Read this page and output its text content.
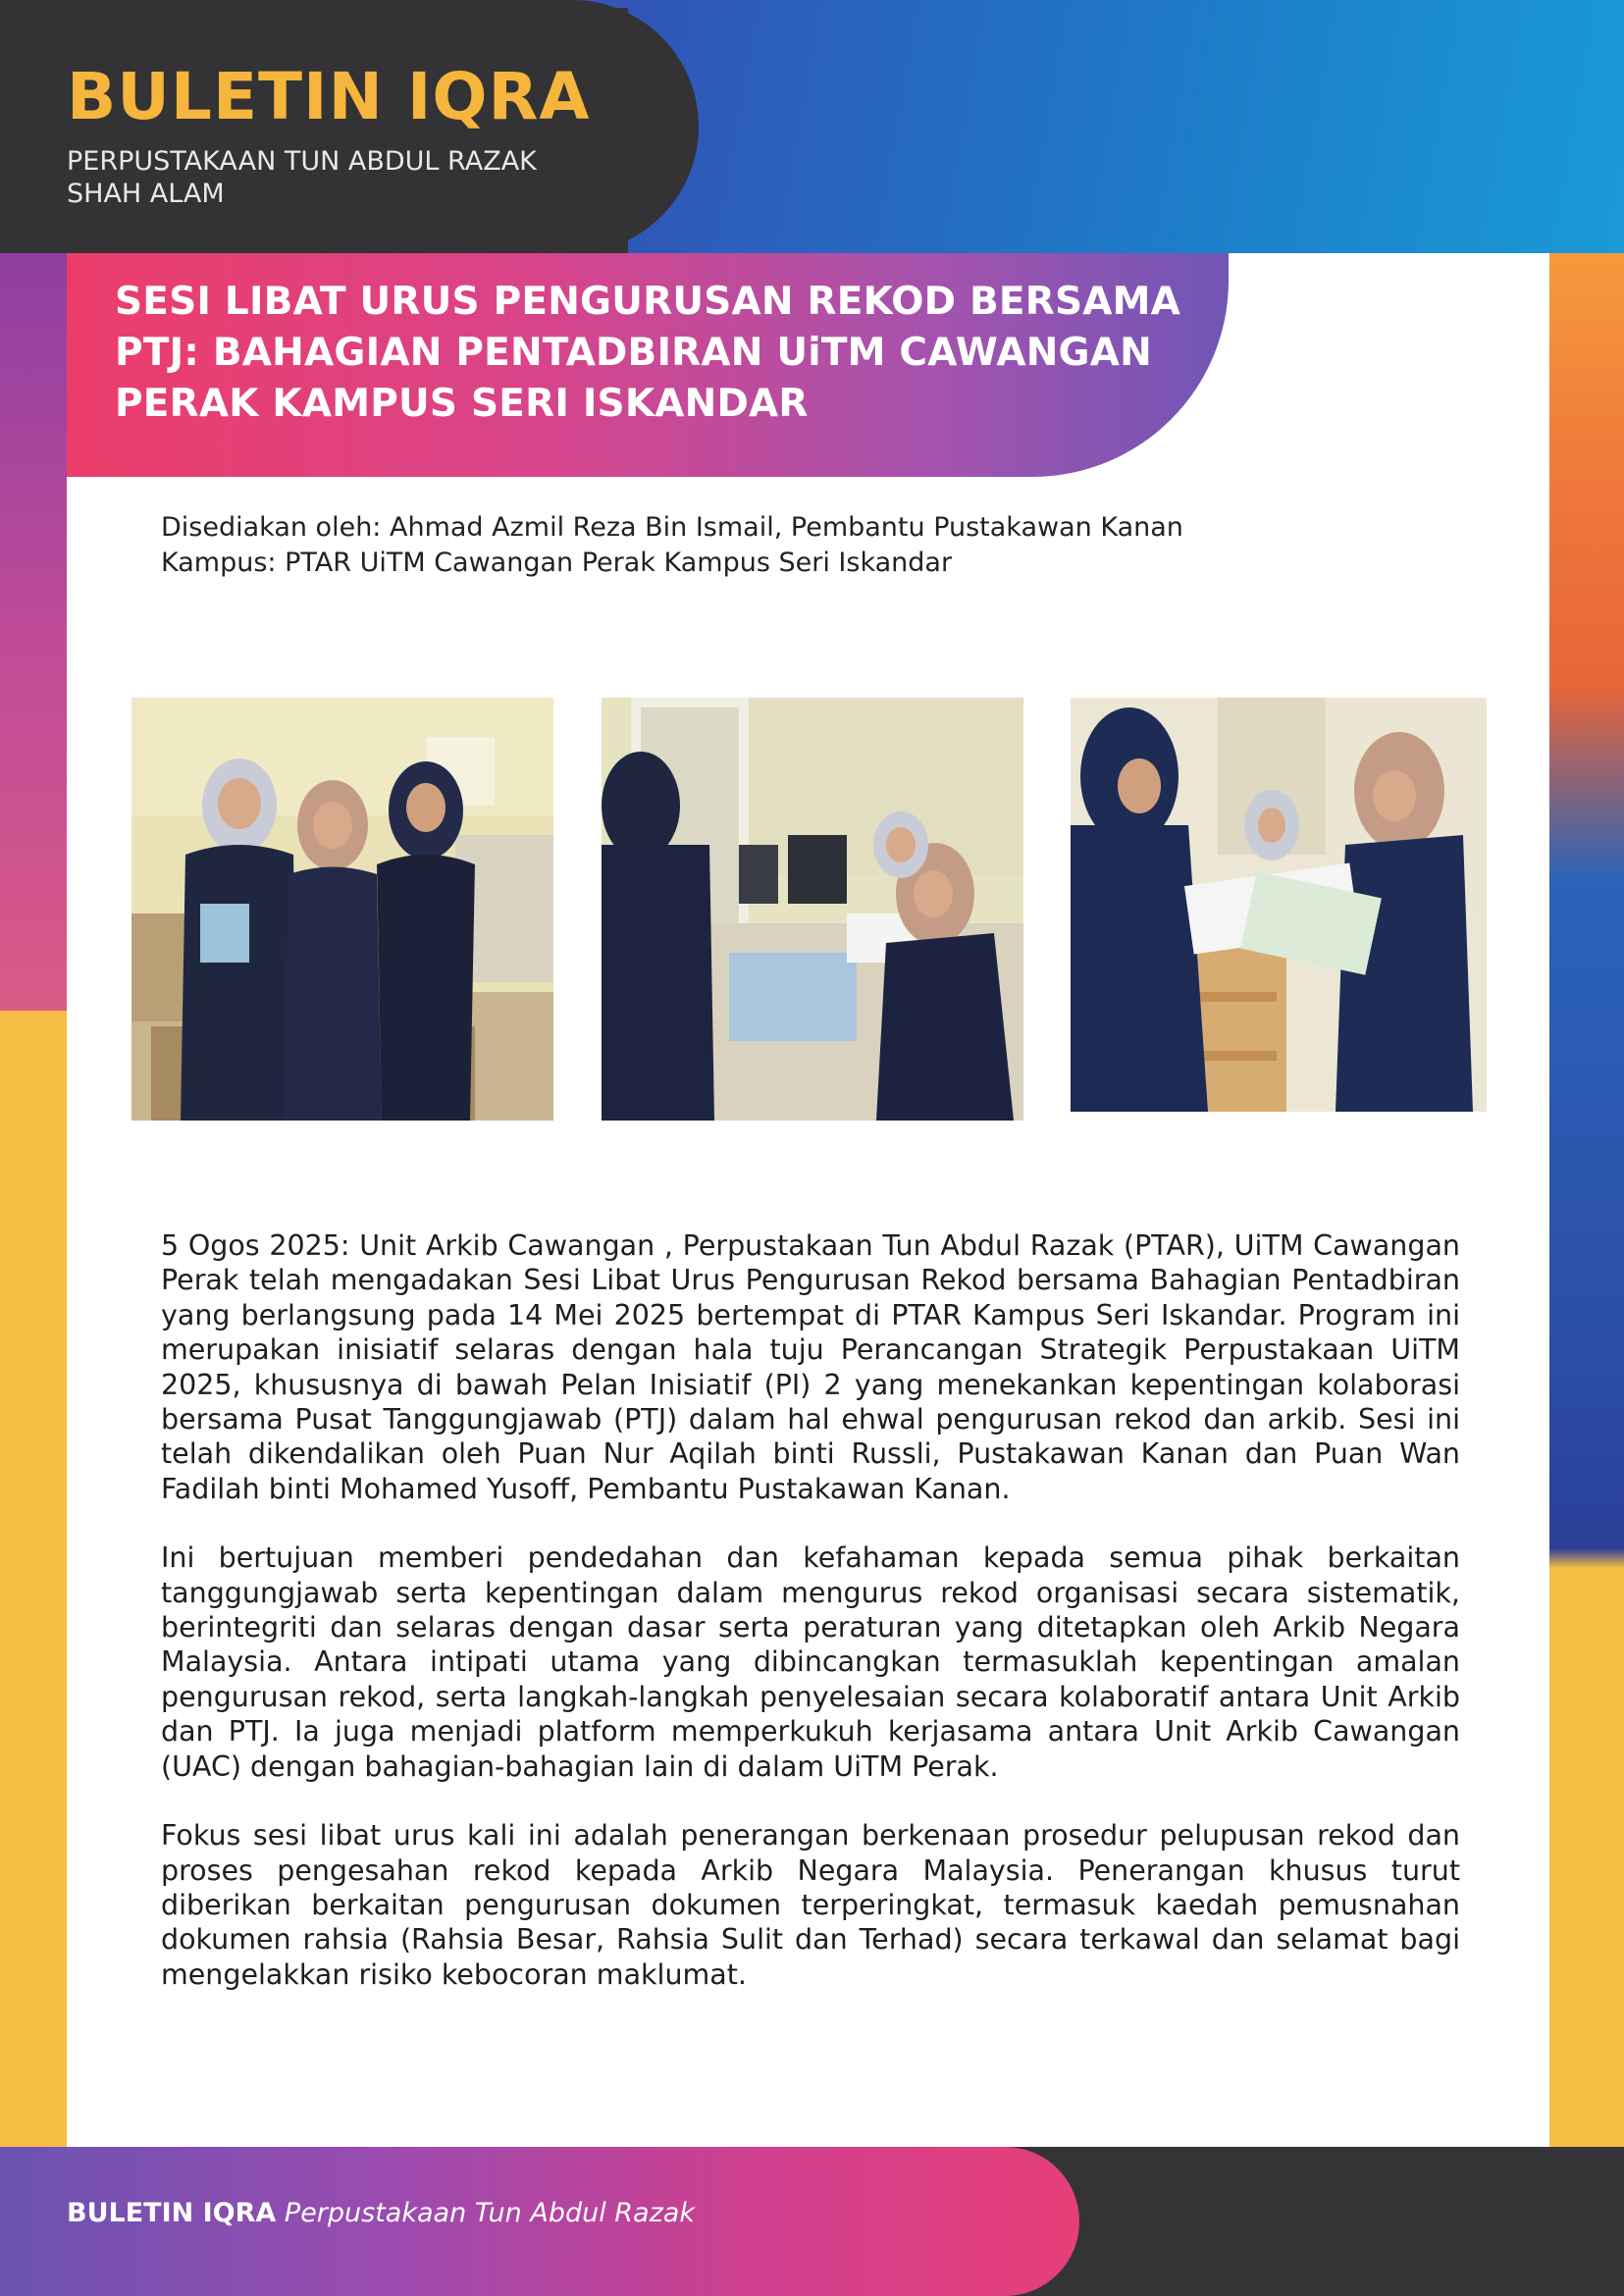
BULETIN IQRA
PERPUSTAKAAN TUN ABDUL RAZAK
SHAH ALAM
SESI LIBAT URUS PENGURUSAN REKOD BERSAMA
PTJ: BAHAGIAN PENTADBIRAN UiTM CAWANGAN
PERAK KAMPUS SERI ISKANDAR
Disediakan oleh: Ahmad Azmil Reza Bin Ismail, Pembantu Pustakawan Kanan
Kampus: PTAR UiTM Cawangan Perak Kampus Seri Iskandar

5 Ogos 2025: Unit Arkib Cawangan , Perpustakaan Tun Abdul Razak (PTAR), UiTM Cawangan Perak telah mengadakan Sesi Libat Urus Pengurusan Rekod bersama Bahagian Pentadbiran yang berlangsung pada 14 Mei 2025 bertempat di PTAR Kampus Seri Iskandar. Program ini merupakan inisiatif selaras dengan hala tuju Perancangan Strategik Perpustakaan UiTM 2025, khususnya di bawah Pelan Inisiatif (PI) 2 yang menekankan kepentingan kolaborasi bersama Pusat Tanggungjawab (PTJ) dalam hal ehwal pengurusan rekod dan arkib. Sesi ini telah dikendalikan oleh Puan Nur Aqilah binti Russli, Pustakawan Kanan dan Puan Wan Fadilah binti Mohamed Yusoff, Pembantu Pustakawan Kanan.

Ini bertujuan memberi pendedahan dan kefahaman kepada semua pihak berkaitan tanggungjawab serta kepentingan dalam mengurus rekod organisasi secara sistematik, berintegriti dan selaras dengan dasar serta peraturan yang ditetapkan oleh Arkib Negara Malaysia. Antara intipati utama yang dibincangkan termasuklah kepentingan amalan pengurusan rekod, serta langkah-langkah penyelesaian secara kolaboratif antara Unit Arkib dan PTJ. Ia juga menjadi platform memperkukuh kerjasama antara Unit Arkib Cawangan (UAC) dengan bahagian-bahagian lain di dalam UiTM Perak.

Fokus sesi libat urus kali ini adalah penerangan berkenaan prosedur pelupusan rekod dan proses pengesahan rekod kepada Arkib Negara Malaysia. Penerangan khusus turut diberikan berkaitan pengurusan dokumen terperingkat, termasuk kaedah pemusnahan dokumen rahsia (Rahsia Besar, Rahsia Sulit dan Terhad) secara terkawal dan selamat bagi mengelakkan risiko kebocoran maklumat.

BULETIN IQRA Perpustakaan Tun Abdul Razak
